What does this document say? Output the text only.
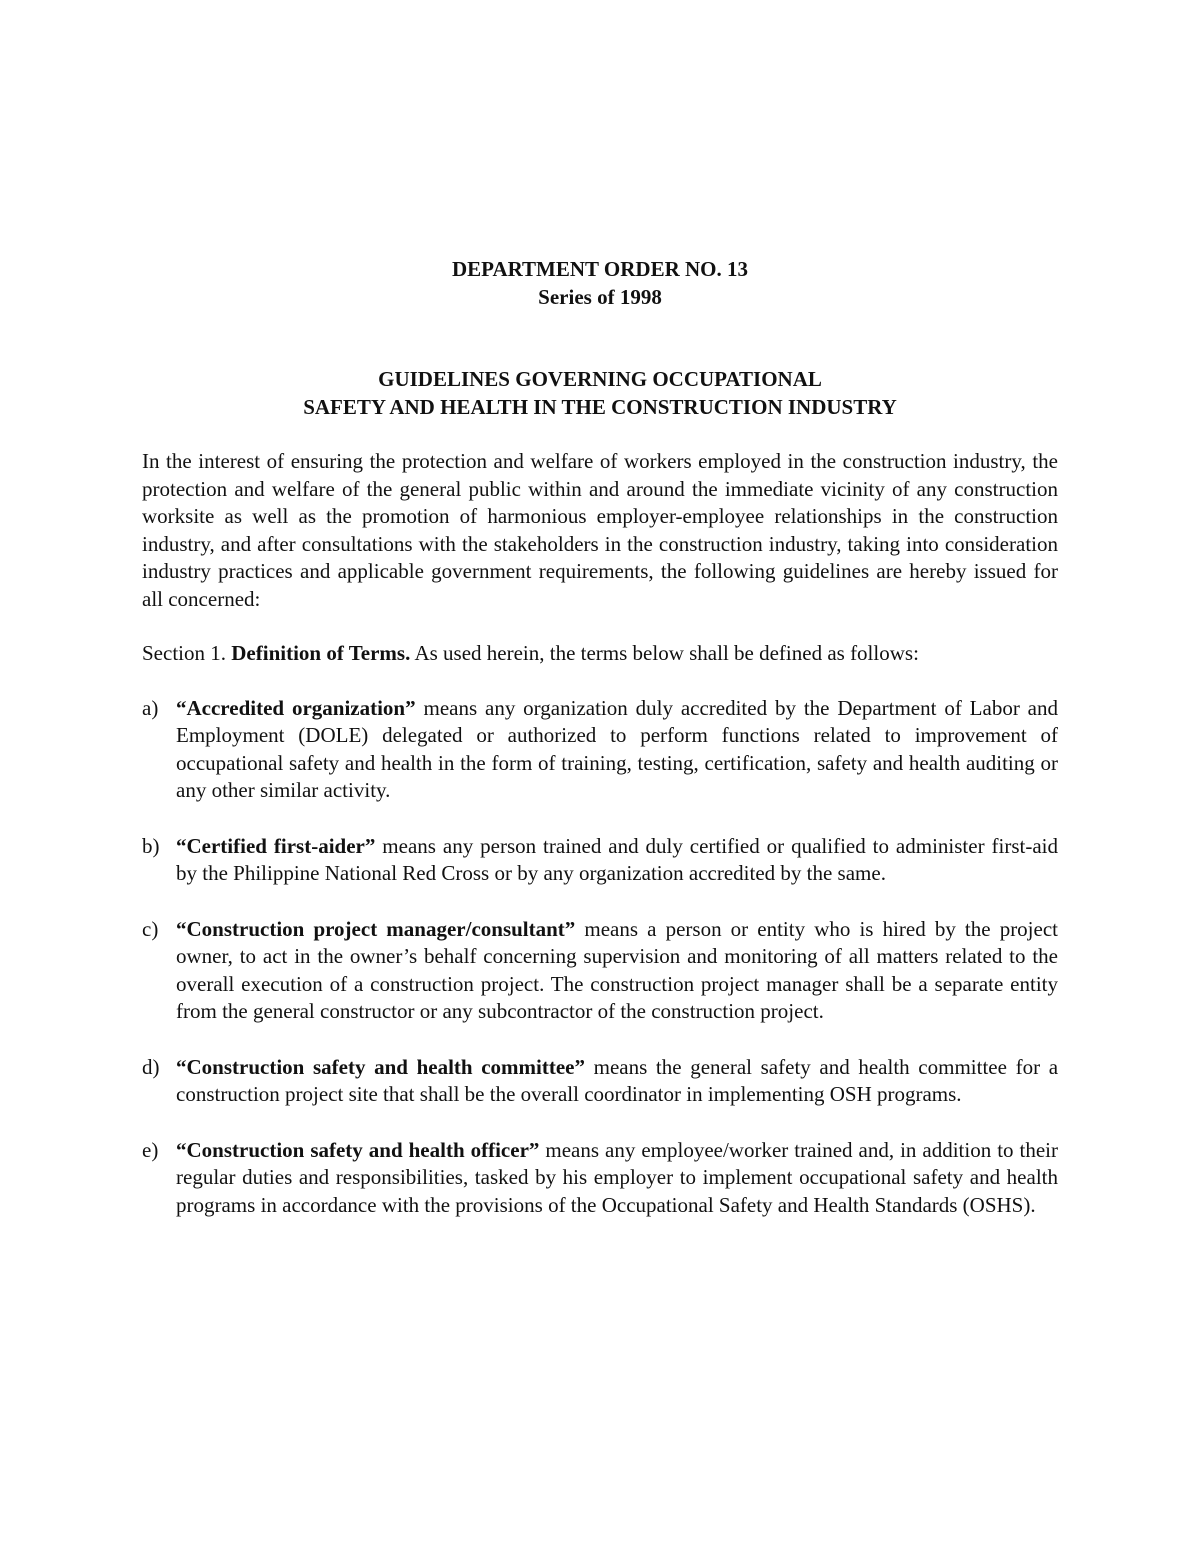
DEPARTMENT ORDER NO. 13
Series of 1998
GUIDELINES GOVERNING OCCUPATIONAL
SAFETY AND HEALTH IN THE CONSTRUCTION INDUSTRY

In the interest of ensuring the protection and welfare of workers employed in the construction industry, the protection and welfare of the general public within and around the immediate vicinity of any construction worksite as well as the promotion of harmonious employer-employee relationships in the construction industry, and after consultations with the stakeholders in the construction industry, taking into consideration industry practices and applicable government requirements, the following guidelines are hereby issued for all concerned:

Section 1. Definition of Terms. As used herein, the terms below shall be defined as follows:
a) “Accredited organization” means any organization duly accredited by the Department of Labor and Employment (DOLE) delegated or authorized to perform functions related to improvement of occupational safety and health in the form of training, testing, certification, safety and health auditing or any other similar activity.
b) “Certified first-aider” means any person trained and duly certified or qualified to administer first-aid by the Philippine National Red Cross or by any organization accredited by the same.
c) “Construction project manager/consultant” means a person or entity who is hired by the project owner, to act in the owner’s behalf concerning supervision and monitoring of all matters related to the overall execution of a construction project. The construction project manager shall be a separate entity from the general constructor or any subcontractor of the construction project.
d) “Construction safety and health committee” means the general safety and health committee for a construction project site that shall be the overall coordinator in implementing OSH programs.
e) “Construction safety and health officer” means any employee/worker trained and, in addition to their regular duties and responsibilities, tasked by his employer to implement occupational safety and health programs in accordance with the provisions of the Occupational Safety and Health Standards (OSHS).
